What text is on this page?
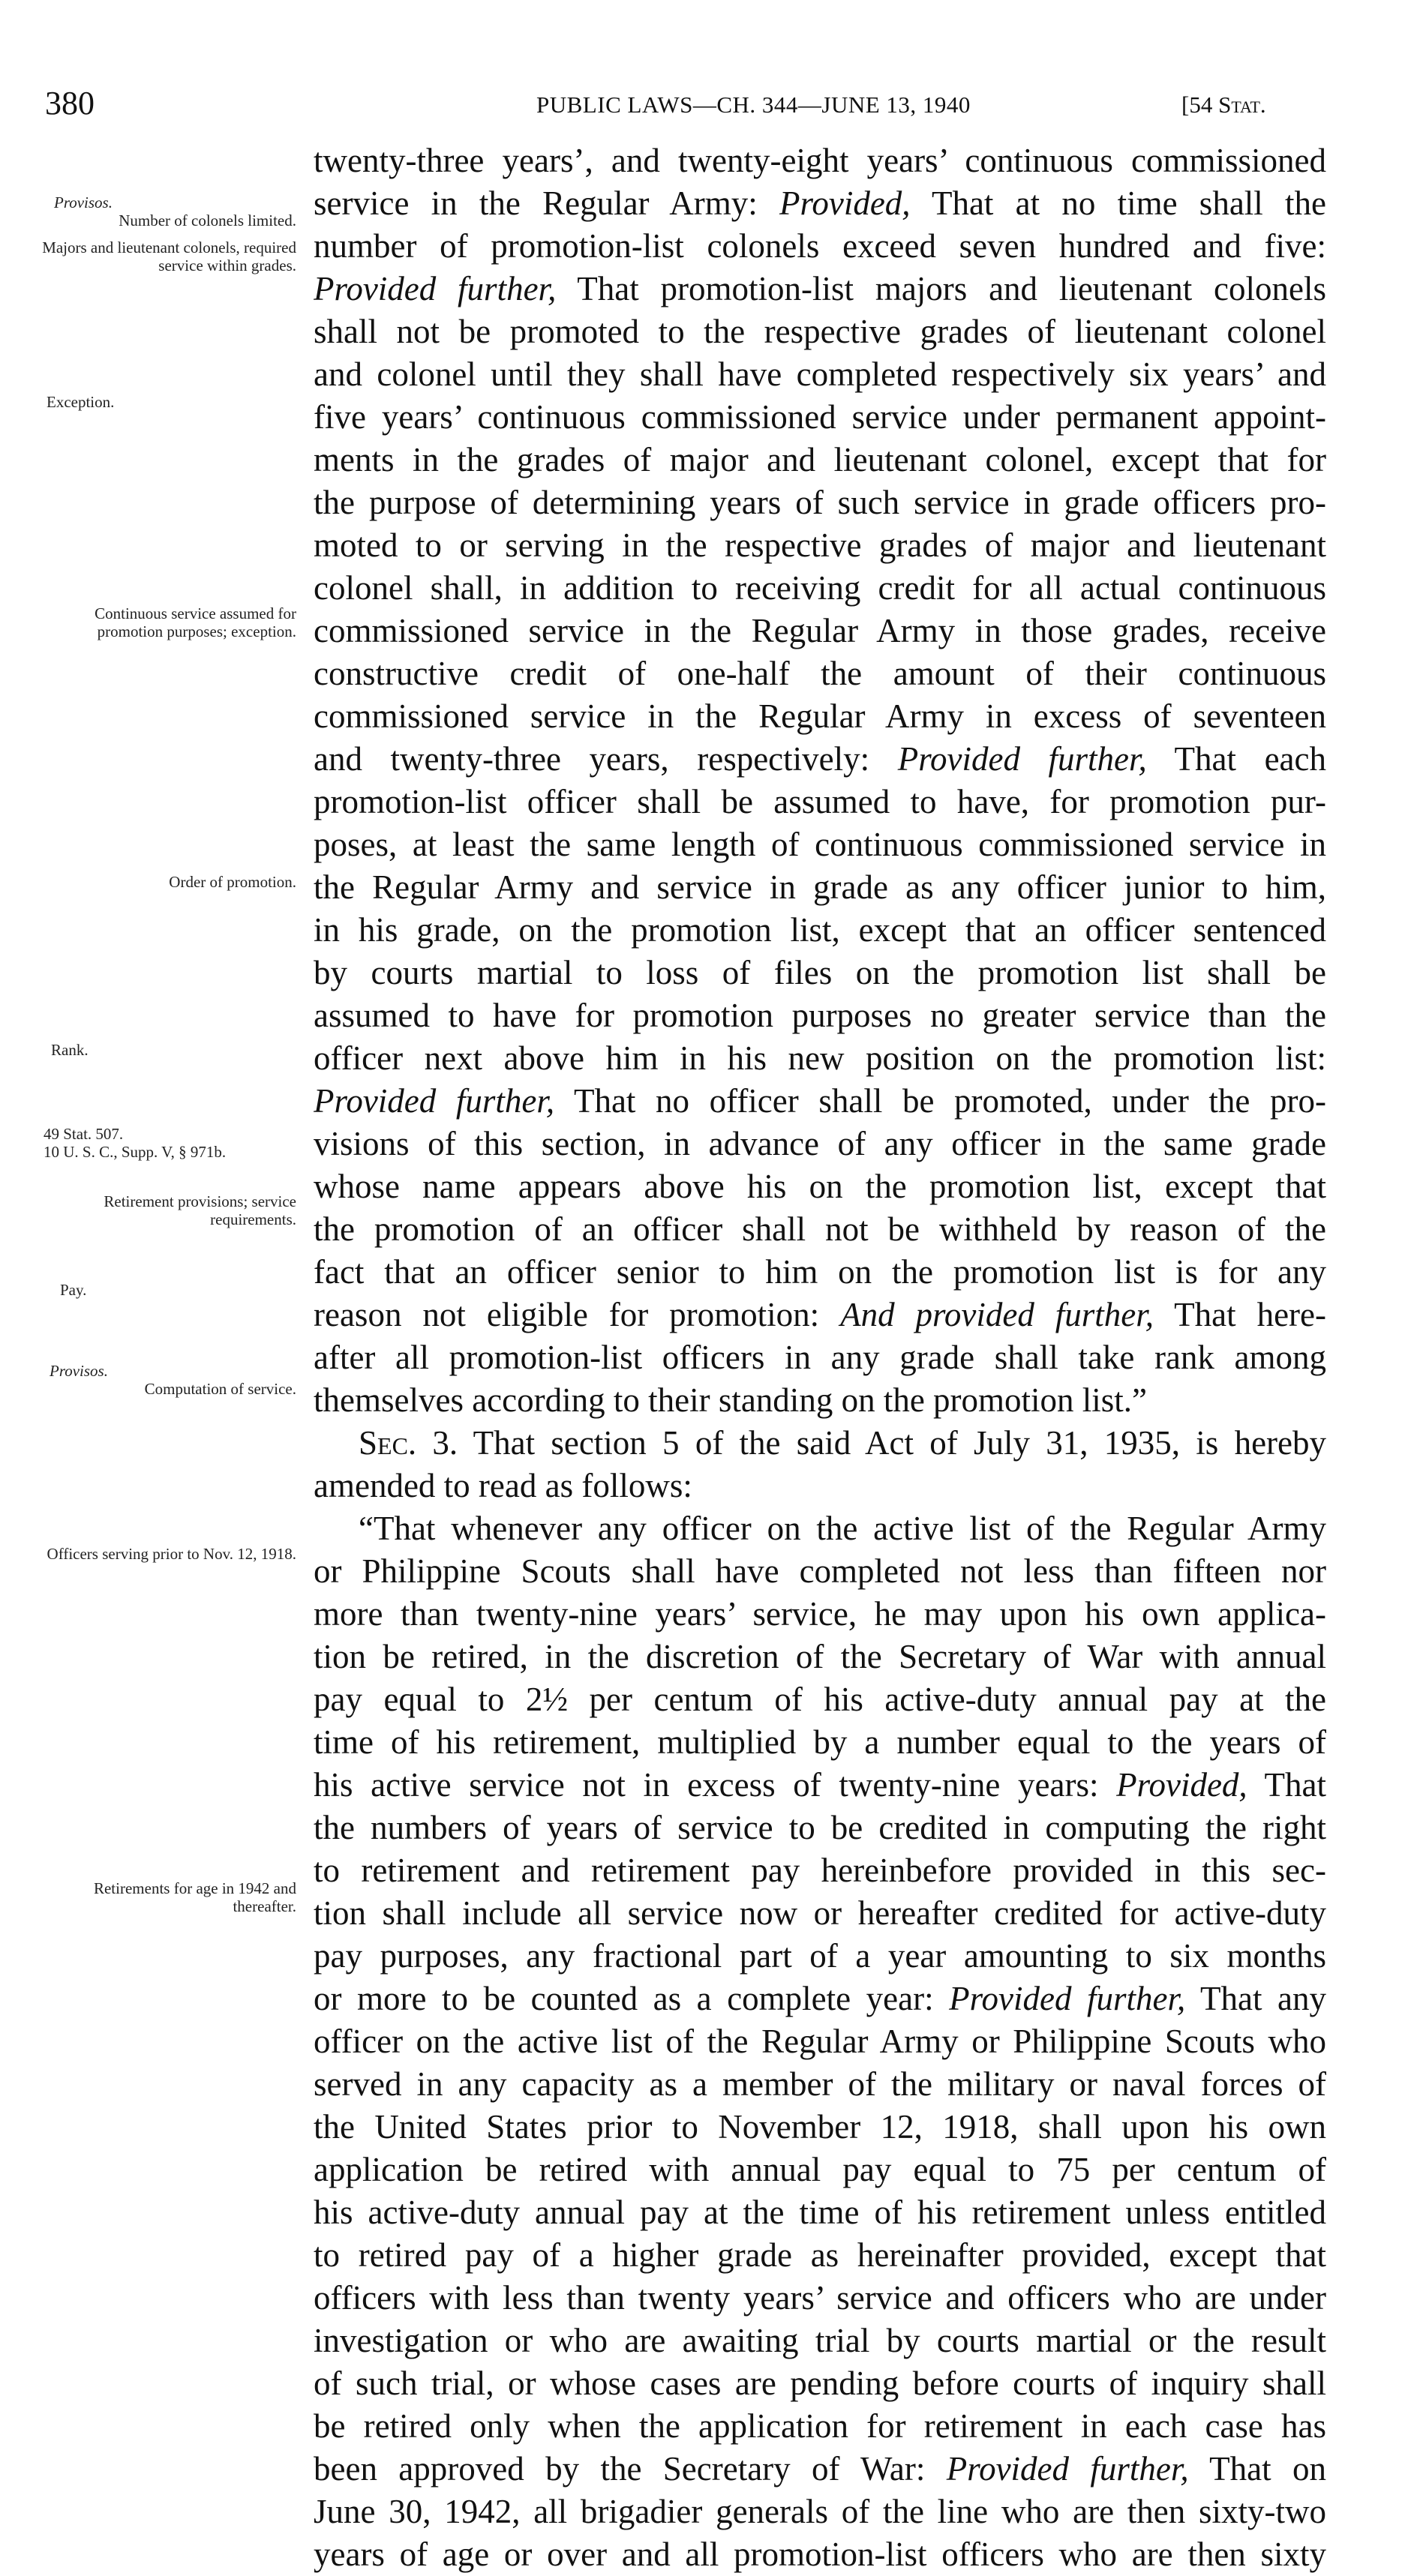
380	PUBLIC LAWS—CH. 344—JUNE 13, 1940	[54 Stat.

Provisos.

Number of colonels limited.

Majors and lieutenant colonels, required service within grades.
Exception.
Continuous service assumed for promotion purposes; exception.
Order of promotion.
Rank.
49 Stat. 507.
10 U. S. C., Supp. V, § 971b.
Retirement provisions; service requirements.
Pay.

Provisos.

Computation of service.

Officers serving prior to Nov. 12, 1918.
Retirements for age in 1942 and thereafter.
twenty-three years’, and twenty-eight years’ continuous commissioned
service in the Regular Army: Provided, That at no time shall the
number of promotion-list colonels exceed seven hundred and five:
Provided further, That promotion-list majors and lieutenant colonels
shall not be promoted to the respective grades of lieutenant colonel
and colonel until they shall have completed respectively six years’ and
five years’ continuous commissioned service under permanent appoint-
ments in the grades of major and lieutenant colonel, except that for
the purpose of determining years of such service in grade officers pro-
moted to or serving in the respective grades of major and lieutenant
colonel shall, in addition to receiving credit for all actual continuous
commissioned service in the Regular Army in those grades, receive
constructive credit of one-half the amount of their continuous
commissioned service in the Regular Army in excess of seventeen
and twenty-three years, respectively: Provided further, That each
promotion-list officer shall be assumed to have, for promotion pur-
poses, at least the same length of continuous commissioned service in
the Regular Army and service in grade as any officer junior to him,
in his grade, on the promotion list, except that an officer sentenced
by courts martial to loss of files on the promotion list shall be
assumed to have for promotion purposes no greater service than the
officer next above him in his new position on the promotion list:
Provided further, That no officer shall be promoted, under the pro-
visions of this section, in advance of any officer in the same grade
whose name appears above his on the promotion list, except that
the promotion of an officer shall not be withheld by reason of the
fact that an officer senior to him on the promotion list is for any
reason not eligible for promotion: And provided further, That here-
after all promotion-list officers in any grade shall take rank among
themselves according to their standing on the promotion list.”
Sec. 3. That section 5 of the said Act of July 31, 1935, is hereby
amended to read as follows:
“That whenever any officer on the active list of the Regular Army
or Philippine Scouts shall have completed not less than fifteen nor
more than twenty-nine years’ service, he may upon his own applica-
tion be retired, in the discretion of the Secretary of War with annual
pay equal to 2½ per centum of his active-duty annual pay at the
time of his retirement, multiplied by a number equal to the years of
his active service not in excess of twenty-nine years: Provided, That
the numbers of years of service to be credited in computing the right
to retirement and retirement pay hereinbefore provided in this sec-
tion shall include all service now or hereafter credited for active-duty
pay purposes, any fractional part of a year amounting to six months
or more to be counted as a complete year: Provided further, That any
officer on the active list of the Regular Army or Philippine Scouts who
served in any capacity as a member of the military or naval forces of
the United States prior to November 12, 1918, shall upon his own
application be retired with annual pay equal to 75 per centum of
his active-duty annual pay at the time of his retirement unless entitled
to retired pay of a higher grade as hereinafter provided, except that
officers with less than twenty years’ service and officers who are under
investigation or who are awaiting trial by courts martial or the result
of such trial, or whose cases are pending before courts of inquiry shall
be retired only when the application for retirement in each case has
been approved by the Secretary of War: Provided further, That on
June 30, 1942, all brigadier generals of the line who are then sixty-two
years of age or over and all promotion-list officers who are then sixty
